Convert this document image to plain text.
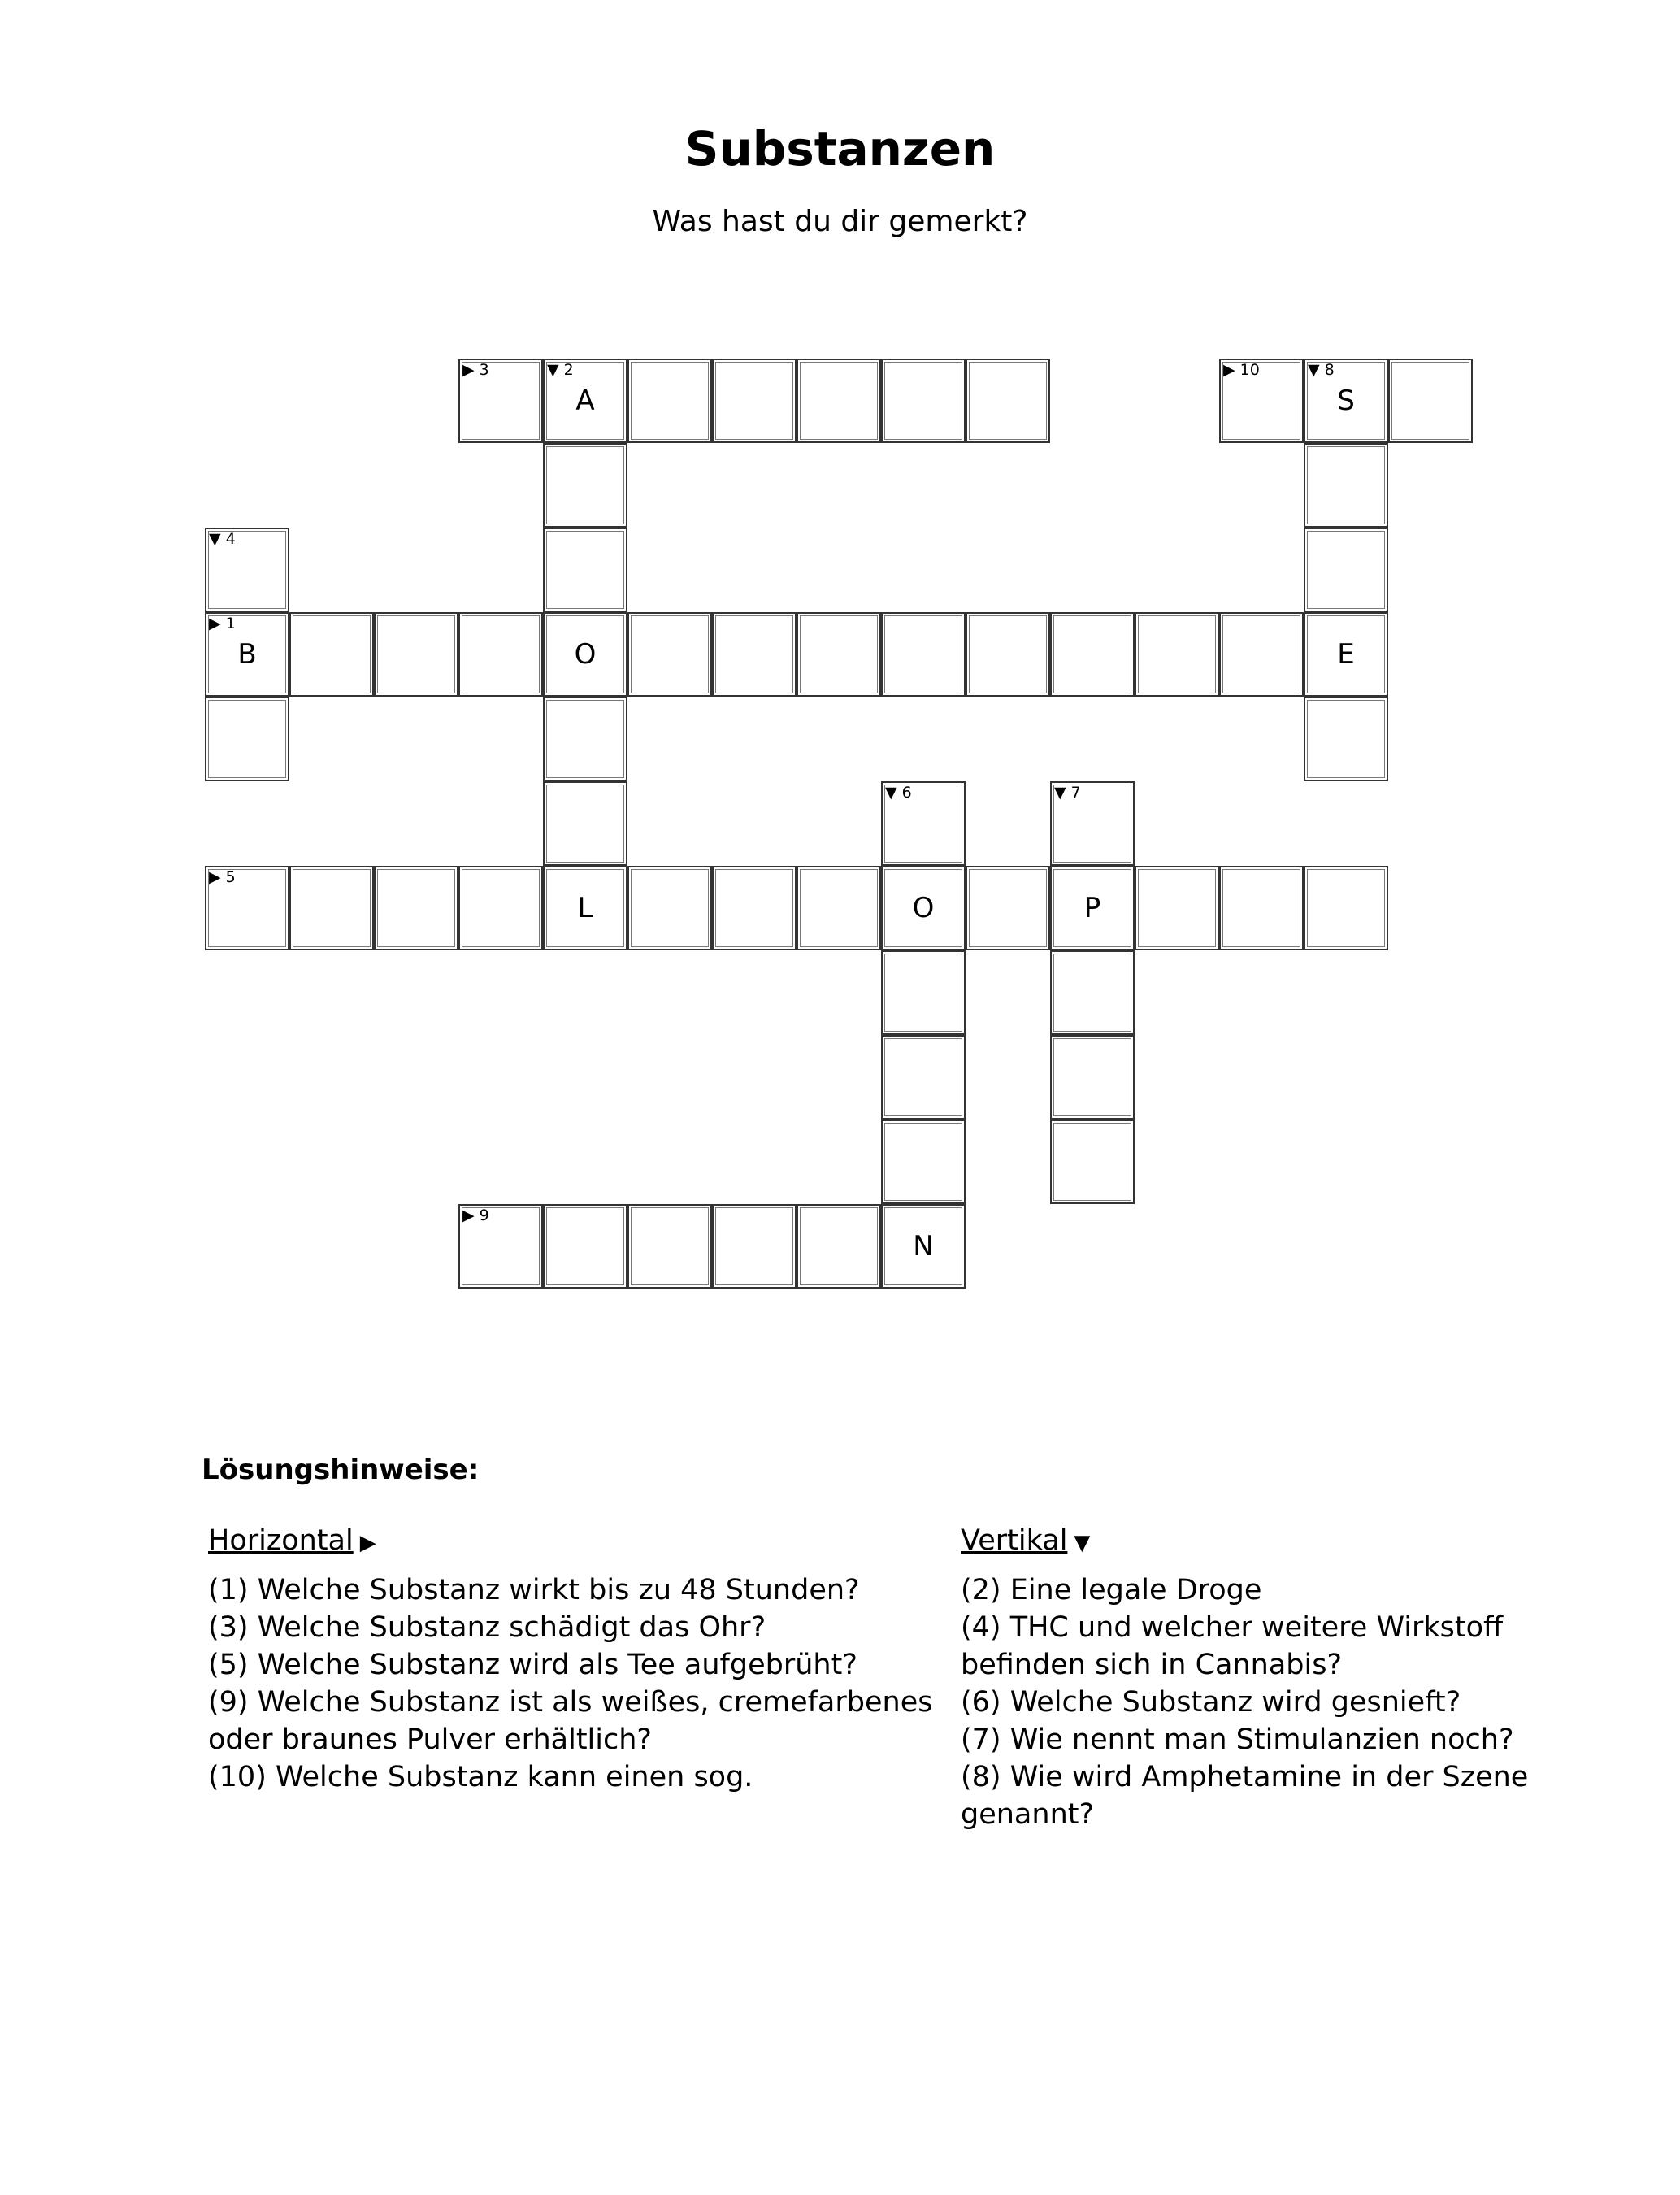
Substanzen
Was hast du dir gemerkt?
▶ 3	▼ 2
A
▶ 10	▼ 8
S
▼ 4
▶ 1
B	O	E
▼ 6	▼ 7
▶ 5
L	O	P
▶ 9
N
Lösungshinweise:
Horizontal ▶

(1) Welche Substanz wirkt bis zu 48 Stunden?

(3) Welche Substanz schädigt das Ohr?

(5) Welche Substanz wird als Tee aufgebrüht?

(9) Welche Substanz ist als weißes, cremefarbenes oder braunes Pulver erhältlich?

(10) Welche Substanz kann einen sog.

Vertikal ▼

(2) Eine legale Droge

(4) THC und welcher weitere Wirkstoff befinden sich in Cannabis?

(6) Welche Substanz wird gesnieft?

(7) Wie nennt man Stimulanzien noch?

(8) Wie wird Amphetamine in der Szene genannt?
